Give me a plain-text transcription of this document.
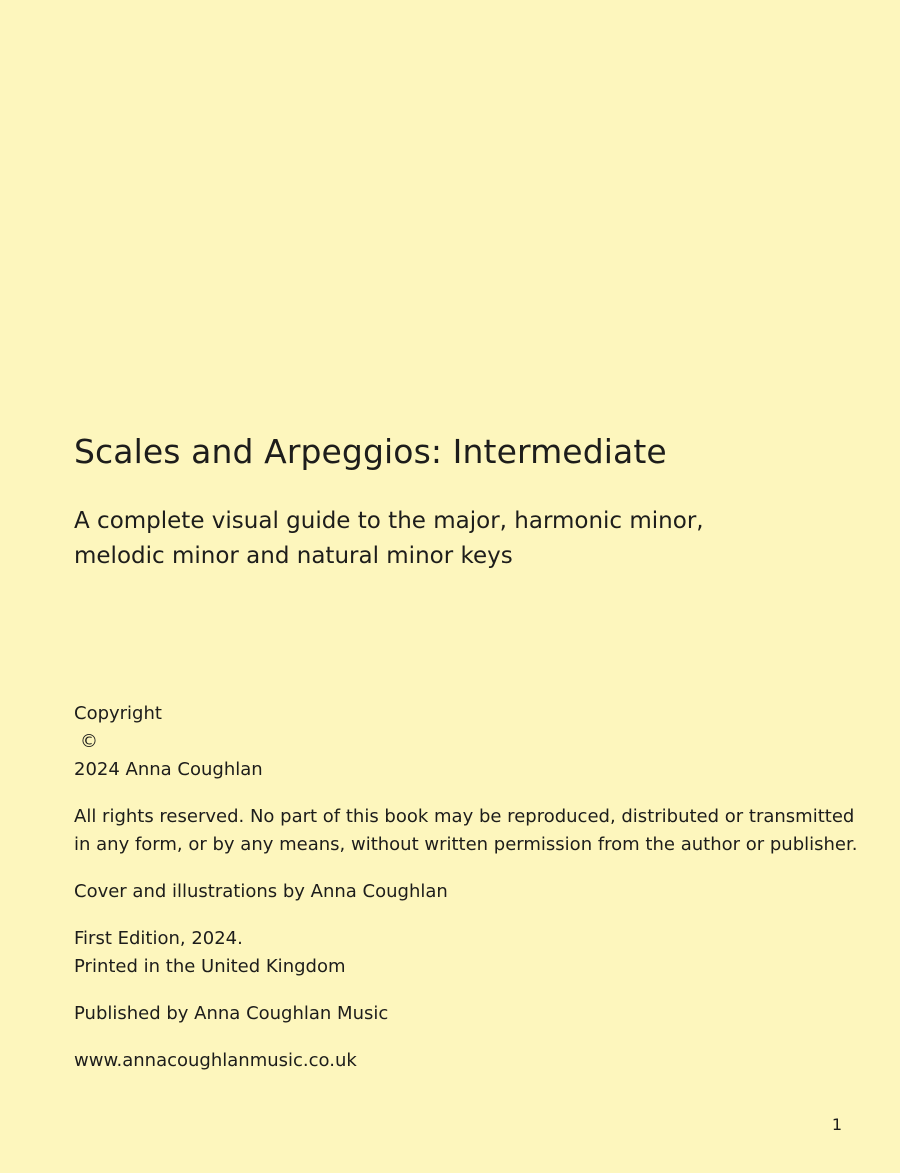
Scales and Arpeggios: Intermediate
A complete visual guide to the major, harmonic minor,
melodic minor and natural minor keys

Copyright
©
2024 Anna Coughlan

All rights reserved. No part of this book may be reproduced, distributed or transmitted
in any form, or by any means, without written permission from the author or publisher.

Cover and illustrations by Anna Coughlan

First Edition, 2024.
Printed in the United Kingdom

Published by Anna Coughlan Music

www.annacoughlanmusic.co.uk

1
